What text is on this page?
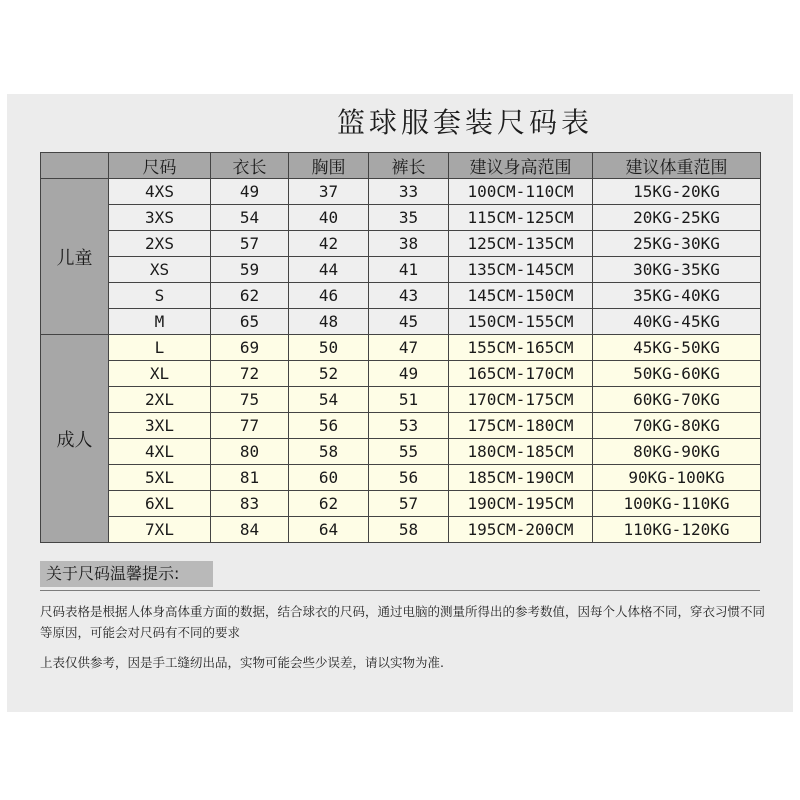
篮球服套装尺码表
	尺码	衣长	胸围	裤长	建议身高范围	建议体重范围
儿童	4XS	49	37	33	100CM-110CM	15KG-20KG
	3XS	54	40	35	115CM-125CM	20KG-25KG
	2XS	57	42	38	125CM-135CM	25KG-30KG
	XS	59	44	41	135CM-145CM	30KG-35KG
	S	62	46	43	145CM-150CM	35KG-40KG
	M	65	48	45	150CM-155CM	40KG-45KG
成人	L	69	50	47	155CM-165CM	45KG-50KG
	XL	72	52	49	165CM-170CM	50KG-60KG
	2XL	75	54	51	170CM-175CM	60KG-70KG
	3XL	77	56	53	175CM-180CM	70KG-80KG
	4XL	80	58	55	180CM-185CM	80KG-90KG
	5XL	81	60	56	185CM-190CM	90KG-100KG
	6XL	83	62	57	190CM-195CM	100KG-110KG
	7XL	84	64	58	195CM-200CM	110KG-120KG
关于尺码温馨提示:
尺码表格是根据人体身高体重方面的数据，结合球衣的尺码，通过电脑的测量所得出的参考数值，因每个人体格不同，穿衣习惯不同等原因，可能会对尺码有不同的要求
上表仅供参考，因是手工缝纫出品，实物可能会些少误差，请以实物为准.
